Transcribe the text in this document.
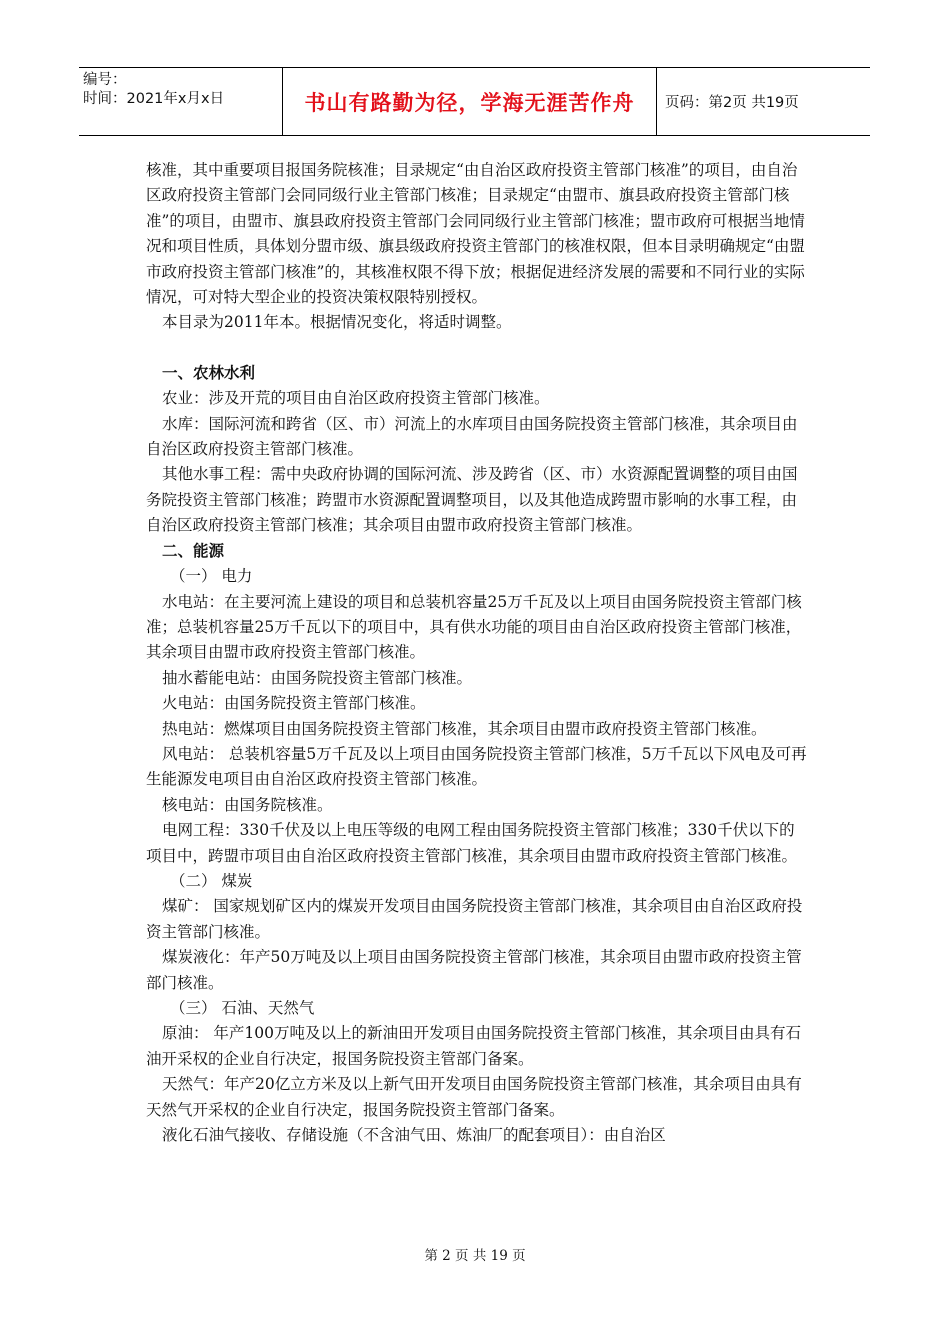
编号：
时间：2021年x月x日	书山有路勤为径，学海无涯苦作舟 页码：第2页 共19页

核准，其中重要项目报国务院核准；目录规定“由自治区政府投资主管部门核准”的项目，由自治区政府投资主管部门会同同级行业主管部门核准；目录规定“由盟市、旗县政府投资主管部门核准”的项目，由盟市、旗县政府投资主管部门会同同级行业主管部门核准；盟市政府可根据当地情况和项目性质，具体划分盟市级、旗县级政府投资主管部门的核准权限，但本目录明确规定“由盟市政府投资主管部门核准”的，其核准权限不得下放；根据促进经济发展的需要和不同行业的实际情况，可对特大型企业的投资决策权限特别授权。

本目录为2011年本。根据情况变化，将适时调整。

一、农林水利

农业：涉及开荒的项目由自治区政府投资主管部门核准。

水库：国际河流和跨省（区、市）河流上的水库项目由国务院投资主管部门核准，其余项目由自治区政府投资主管部门核准。

其他水事工程：需中央政府协调的国际河流、涉及跨省（区、市）水资源配置调整的项目由国务院投资主管部门核准；跨盟市水资源配置调整项目，以及其他造成跨盟市影响的水事工程，由自治区政府投资主管部门核准；其余项目由盟市政府投资主管部门核准。

二、能源

（一） 电力

水电站：在主要河流上建设的项目和总装机容量25万千瓦及以上项目由国务院投资主管部门核准；总装机容量25万千瓦以下的项目中，具有供水功能的项目由自治区政府投资主管部门核准，其余项目由盟市政府投资主管部门核准。

抽水蓄能电站：由国务院投资主管部门核准。

火电站：由国务院投资主管部门核准。

热电站：燃煤项目由国务院投资主管部门核准，其余项目由盟市政府投资主管部门核准。

风电站： 总装机容量5万千瓦及以上项目由国务院投资主管部门核准，5万千瓦以下风电及可再生能源发电项目由自治区政府投资主管部门核准。

核电站：由国务院核准。

电网工程：330千伏及以上电压等级的电网工程由国务院投资主管部门核准；330千伏以下的项目中，跨盟市项目由自治区政府投资主管部门核准，其余项目由盟市政府投资主管部门核准。

（二） 煤炭

煤矿： 国家规划矿区内的煤炭开发项目由国务院投资主管部门核准，其余项目由自治区政府投资主管部门核准。

煤炭液化：年产50万吨及以上项目由国务院投资主管部门核准，其余项目由盟市政府投资主管部门核准。

（三） 石油、天然气

原油： 年产100万吨及以上的新油田开发项目由国务院投资主管部门核准，其余项目由具有石油开采权的企业自行决定，报国务院投资主管部门备案。

天然气：年产20亿立方米及以上新气田开发项目由国务院投资主管部门核准，其余项目由具有天然气开采权的企业自行决定，报国务院投资主管部门备案。

液化石油气接收、存储设施（不含油气田、炼油厂的配套项目）：由自治区

第 2 页 共 19 页
